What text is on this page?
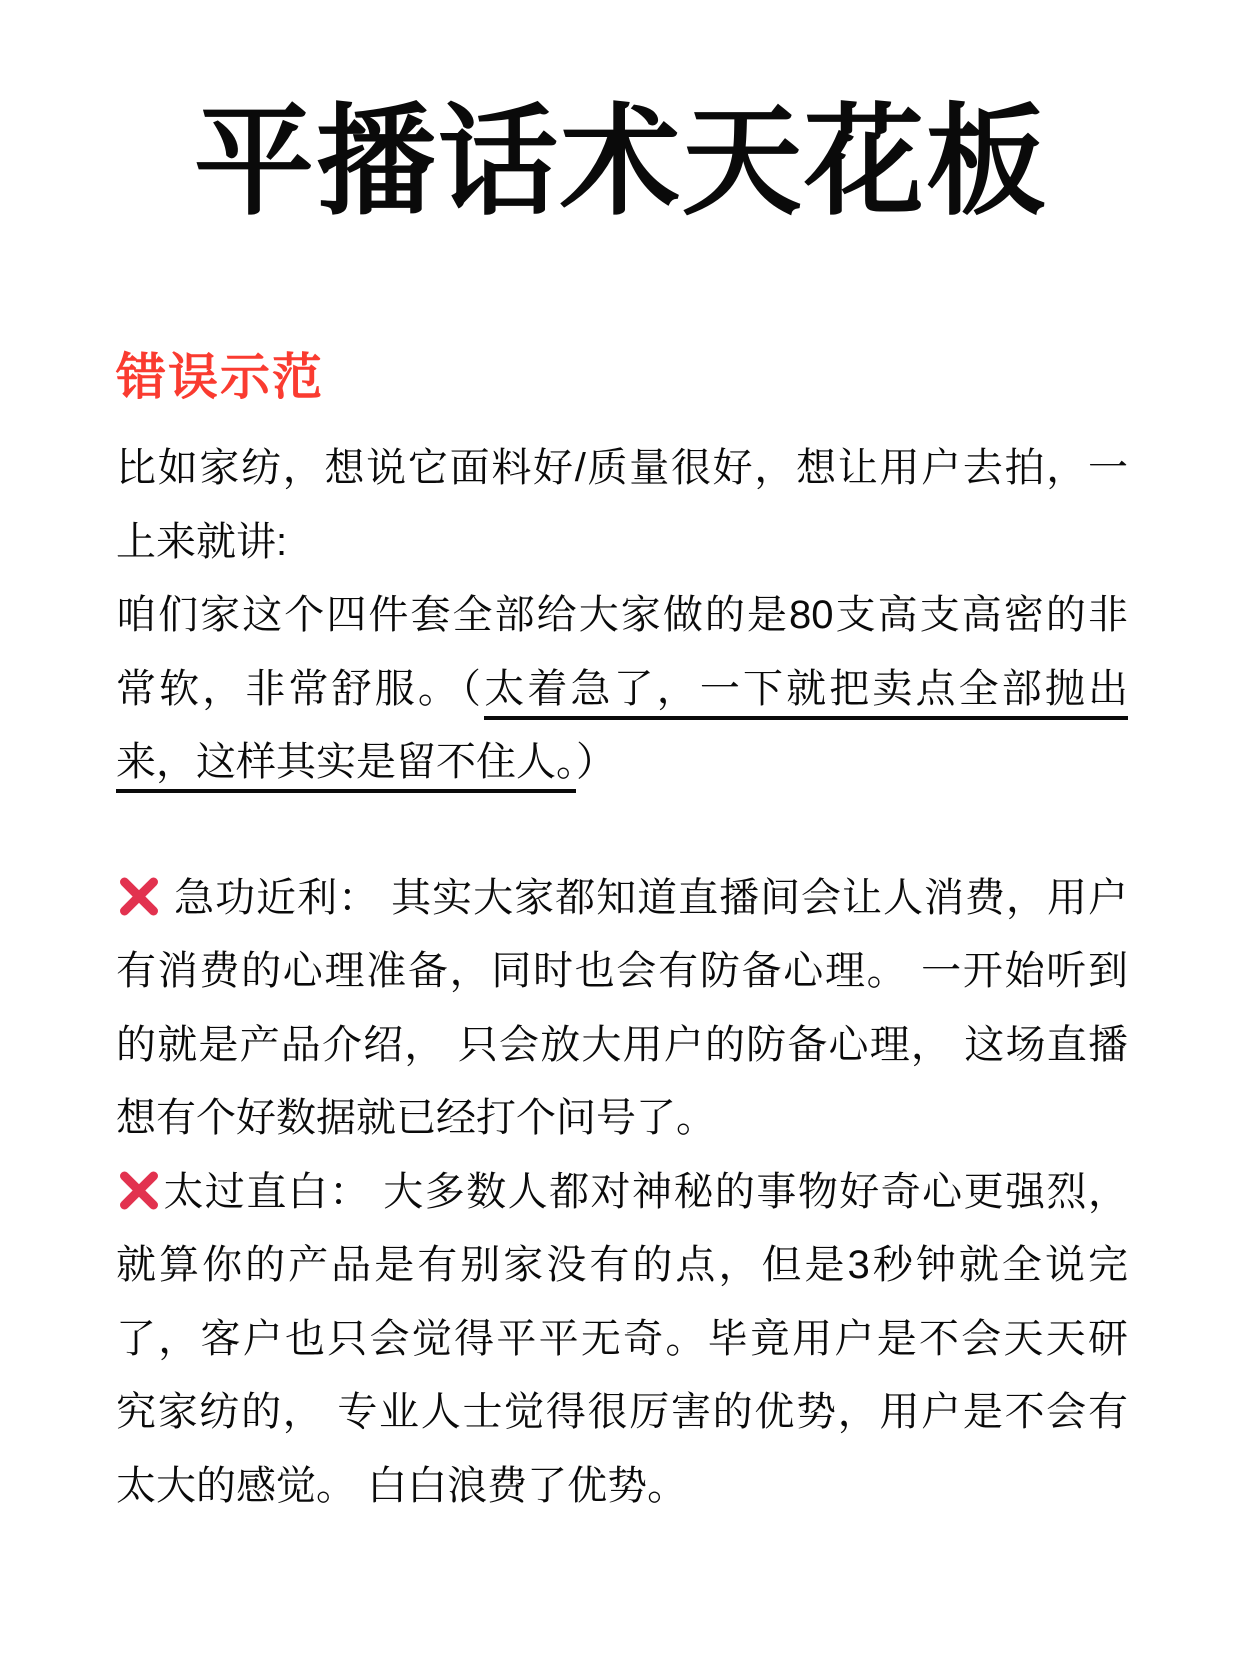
平播话术天花板
错误示范
比如家纺，想说它面料好/质量很好，想让用户去拍，一
上来就讲:
咱们家这个四件套全部给大家做的是80支高支高密的非
常软，非常舒服。（太着急了，一下就把卖点全部抛出
来，这样其实是留不住人。）
急功近利： 其实大家都知道直播间会让人消费，用户
有消费的心理准备，同时也会有防备心理。 一开始听到
的就是产品介绍， 只会放大用户的防备心理， 这场直播
想有个好数据就已经打个问号了。
太过直白： 大多数人都对神秘的事物好奇心更强烈，
就算你的产品是有别家没有的点，但是3秒钟就全说完
了，客户也只会觉得平平无奇。毕竟用户是不会天天研
究家纺的， 专业人士觉得很厉害的优势，用户是不会有
太大的感觉。 白白浪费了优势。
